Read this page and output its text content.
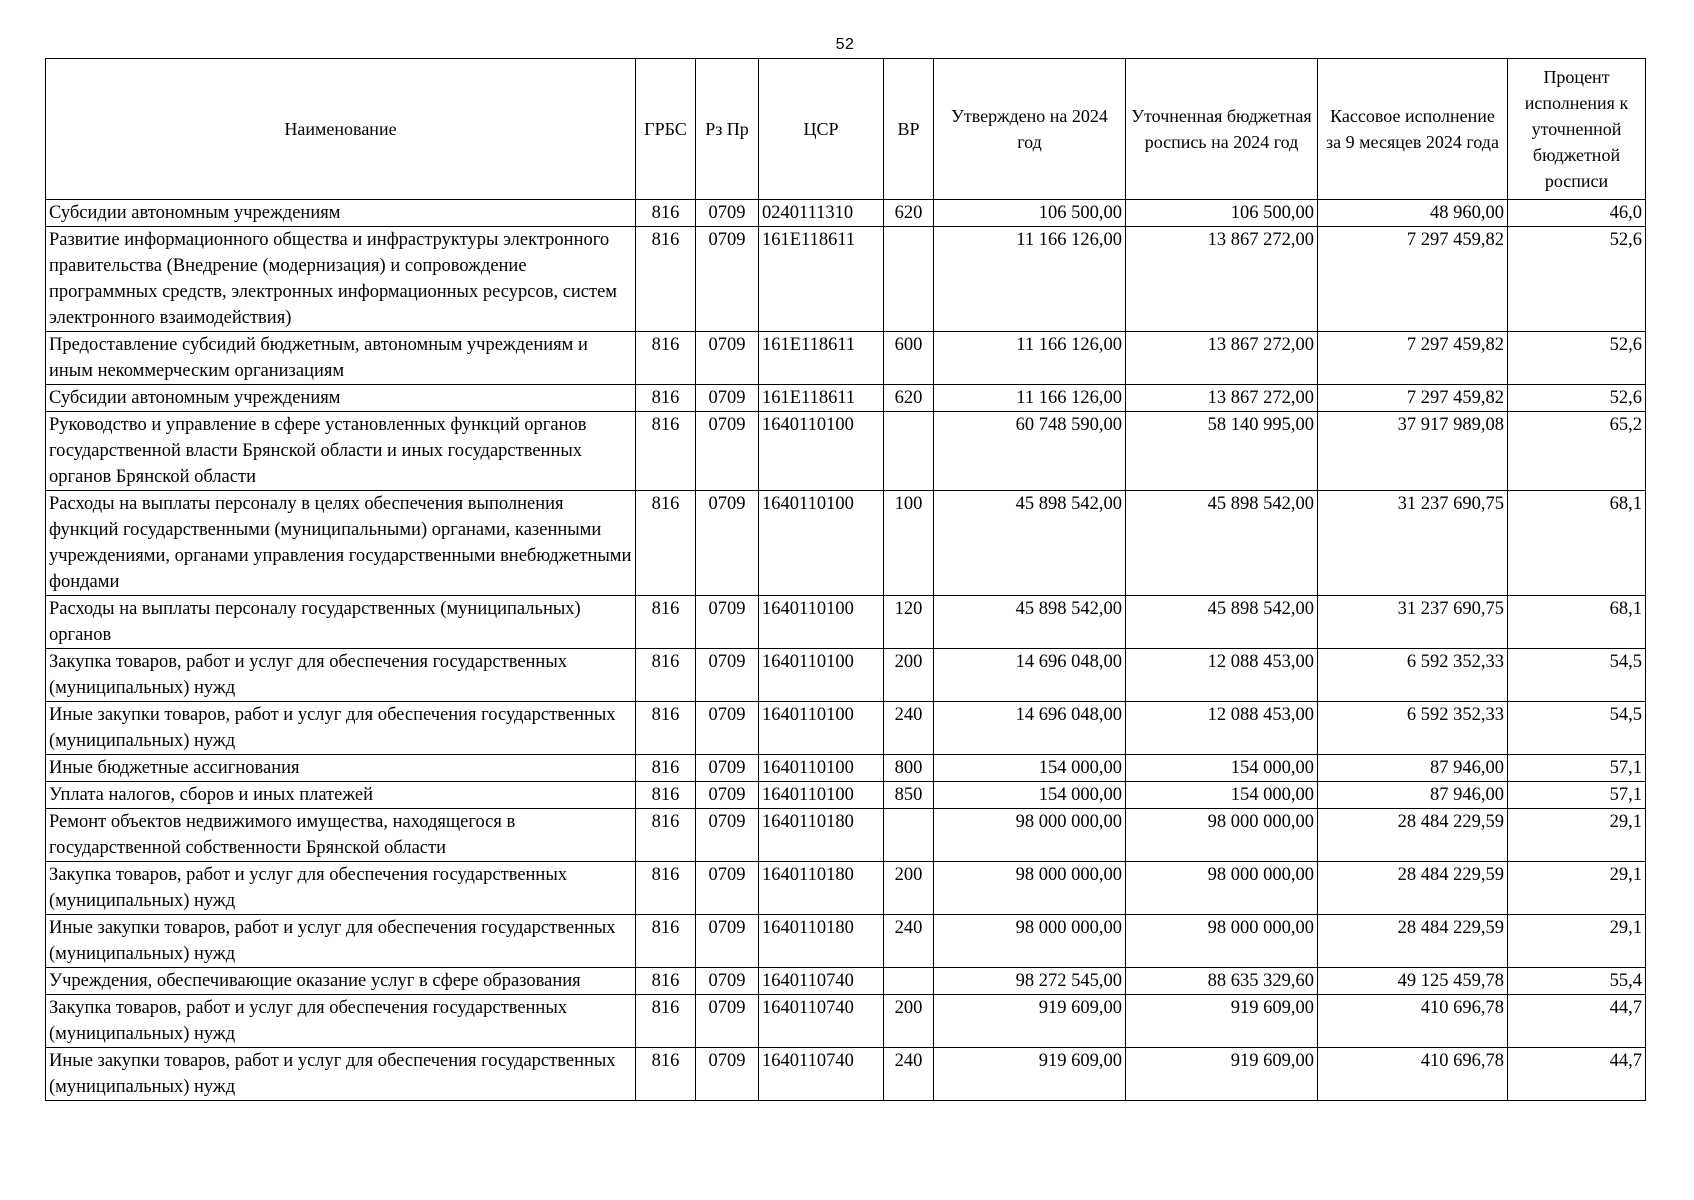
52
Наименование	ГРБС	Рз Пр	ЦСР	ВР	Утверждено на 2024 год	Уточненная бюджетная роспись на 2024 год	Кассовое исполнение за 9 месяцев 2024 года	Процент исполнения к уточненной бюджетной росписи
Субсидии автономным учреждениям	816	0709	0240111310	620	106 500,00	106 500,00	48 960,00	46,0
Развитие информационного общества и инфраструктуры электронного правительства (Внедрение (модернизация) и сопровождение программных средств, электронных информационных ресурсов, систем электронного взаимодействия)	816	0709	161E118611		11 166 126,00	13 867 272,00	7 297 459,82	52,6
Предоставление субсидий бюджетным, автономным учреждениям и иным некоммерческим организациям	816	0709	161E118611	600	11 166 126,00	13 867 272,00	7 297 459,82	52,6
Субсидии автономным учреждениям	816	0709	161E118611	620	11 166 126,00	13 867 272,00	7 297 459,82	52,6
Руководство и управление в сфере установленных функций органов государственной власти Брянской области и иных государственных органов Брянской области	816	0709	1640110100		60 748 590,00	58 140 995,00	37 917 989,08	65,2
Расходы на выплаты персоналу в целях обеспечения выполнения функций государственными (муниципальными) органами, казенными учреждениями, органами управления государственными внебюджетными фондами	816	0709	1640110100	100	45 898 542,00	45 898 542,00	31 237 690,75	68,1
Расходы на выплаты персоналу государственных (муниципальных) органов	816	0709	1640110100	120	45 898 542,00	45 898 542,00	31 237 690,75	68,1
Закупка товаров, работ и услуг для обеспечения государственных (муниципальных) нужд	816	0709	1640110100	200	14 696 048,00	12 088 453,00	6 592 352,33	54,5
Иные закупки товаров, работ и услуг для обеспечения государственных (муниципальных) нужд	816	0709	1640110100	240	14 696 048,00	12 088 453,00	6 592 352,33	54,5
Иные бюджетные ассигнования	816	0709	1640110100	800	154 000,00	154 000,00	87 946,00	57,1
Уплата налогов, сборов и иных платежей	816	0709	1640110100	850	154 000,00	154 000,00	87 946,00	57,1
Ремонт объектов недвижимого имущества, находящегося в государственной собственности Брянской области	816	0709	1640110180		98 000 000,00	98 000 000,00	28 484 229,59	29,1
Закупка товаров, работ и услуг для обеспечения государственных (муниципальных) нужд	816	0709	1640110180	200	98 000 000,00	98 000 000,00	28 484 229,59	29,1
Иные закупки товаров, работ и услуг для обеспечения государственных (муниципальных) нужд	816	0709	1640110180	240	98 000 000,00	98 000 000,00	28 484 229,59	29,1
Учреждения, обеспечивающие оказание услуг в сфере образования	816	0709	1640110740		98 272 545,00	88 635 329,60	49 125 459,78	55,4
Закупка товаров, работ и услуг для обеспечения государственных (муниципальных) нужд	816	0709	1640110740	200	919 609,00	919 609,00	410 696,78	44,7
Иные закупки товаров, работ и услуг для обеспечения государственных (муниципальных) нужд	816	0709	1640110740	240	919 609,00	919 609,00	410 696,78	44,7
